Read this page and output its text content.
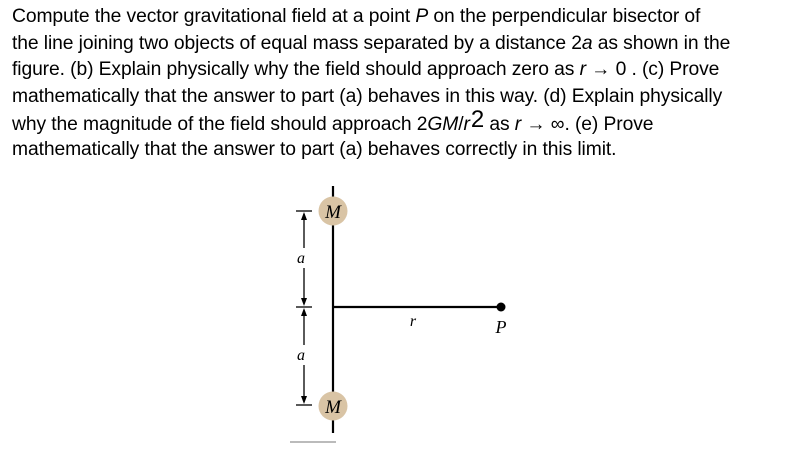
Compute the vector gravitational field at a point P on the perpendicular bisector of
the line joining two objects of equal mass separated by a distance 2a as shown in the
figure. (b) Explain physically why the field should approach zero as r → 0 . (c) Prove
mathematically that the answer to part (a) behaves in this way. (d) Explain physically
why the magnitude of the field should approach 2GM/r2 as r → ∞. (e) Prove
mathematically that the answer to part (a) behaves correctly in this limit.
M
M
a
a
r	P
